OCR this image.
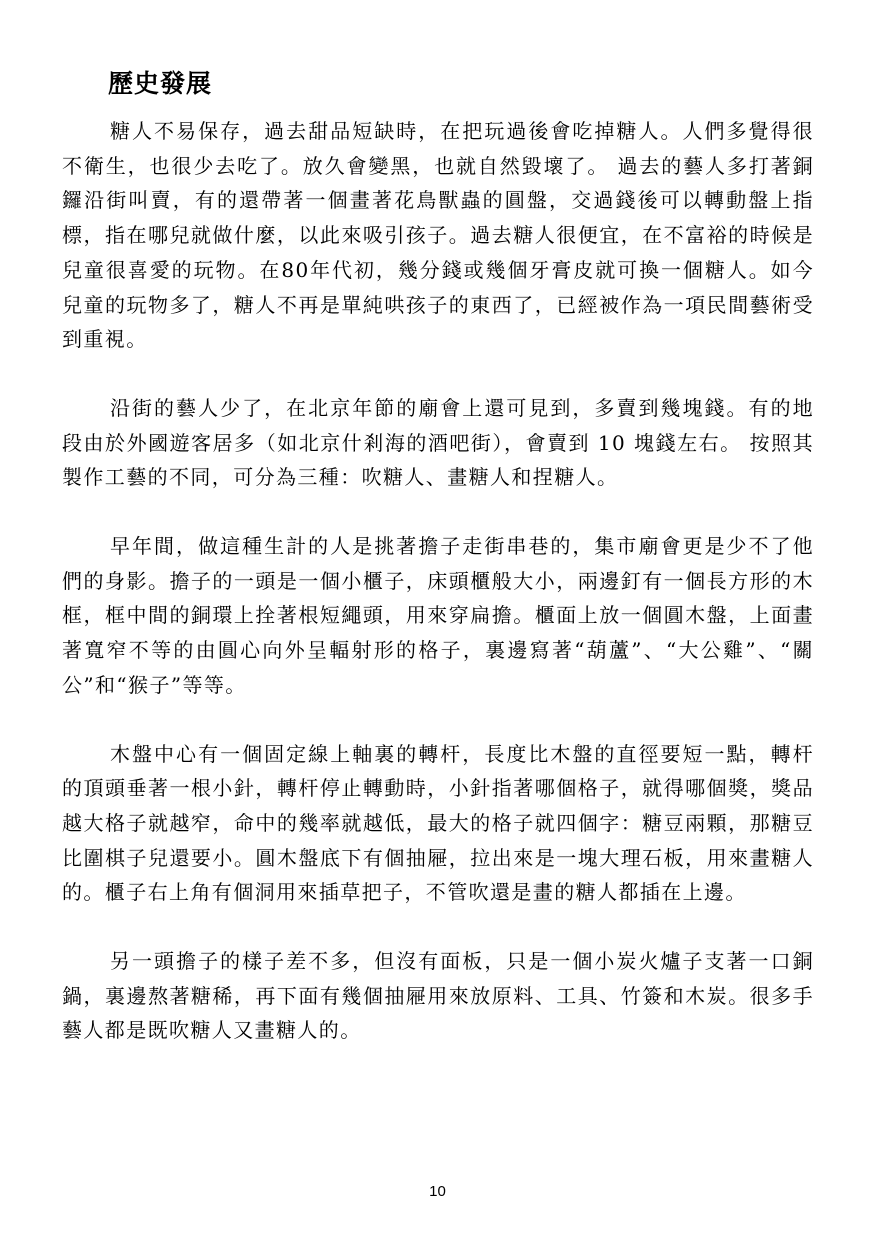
歷史發展

糖人不易保存，過去甜品短缺時，在把玩過後會吃掉糖人。人們多覺得很不衛生，也很少去吃了。放久會變黑，也就自然毀壞了。 過去的藝人多打著銅鑼沿街叫賣，有的還帶著一個畫著花鳥獸蟲的圓盤，交過錢後可以轉動盤上指標，指在哪兒就做什麼，以此來吸引孩子。過去糖人很便宜，在不富裕的時候是兒童很喜愛的玩物。在80年代初，幾分錢或幾個牙膏皮就可換一個糖人。如今兒童的玩物多了，糖人不再是單純哄孩子的東西了，已經被作為一項民間藝術受到重視。

沿街的藝人少了，在北京年節的廟會上還可見到，多賣到幾塊錢。有的地段由於外國遊客居多（如北京什剎海的酒吧街），會賣到 10 塊錢左右。 按照其製作工藝的不同，可分為三種：吹糖人、畫糖人和捏糖人。

早年間，做這種生計的人是挑著擔子走街串巷的，集市廟會更是少不了他們的身影。擔子的一頭是一個小櫃子，床頭櫃般大小，兩邊釘有一個長方形的木框，框中間的銅環上拴著根短繩頭，用來穿扁擔。櫃面上放一個圓木盤，上面畫著寬窄不等的由圓心向外呈輻射形的格子，裏邊寫著“葫蘆”、“大公雞”、“關公”和“猴子”等等。

木盤中心有一個固定線上軸裏的轉杆，長度比木盤的直徑要短一點，轉杆的頂頭垂著一根小針，轉杆停止轉動時，小針指著哪個格子，就得哪個獎，獎品越大格子就越窄，命中的幾率就越低，最大的格子就四個字：糖豆兩顆，那糖豆比圍棋子兒還要小。圓木盤底下有個抽屜，拉出來是一塊大理石板，用來畫糖人的。櫃子右上角有個洞用來插草把子，不管吹還是畫的糖人都插在上邊。

另一頭擔子的樣子差不多，但沒有面板，只是一個小炭火爐子支著一口銅鍋，裏邊熬著糖稀，再下面有幾個抽屜用來放原料、工具、竹簽和木炭。很多手藝人都是既吹糖人又畫糖人的。

10
